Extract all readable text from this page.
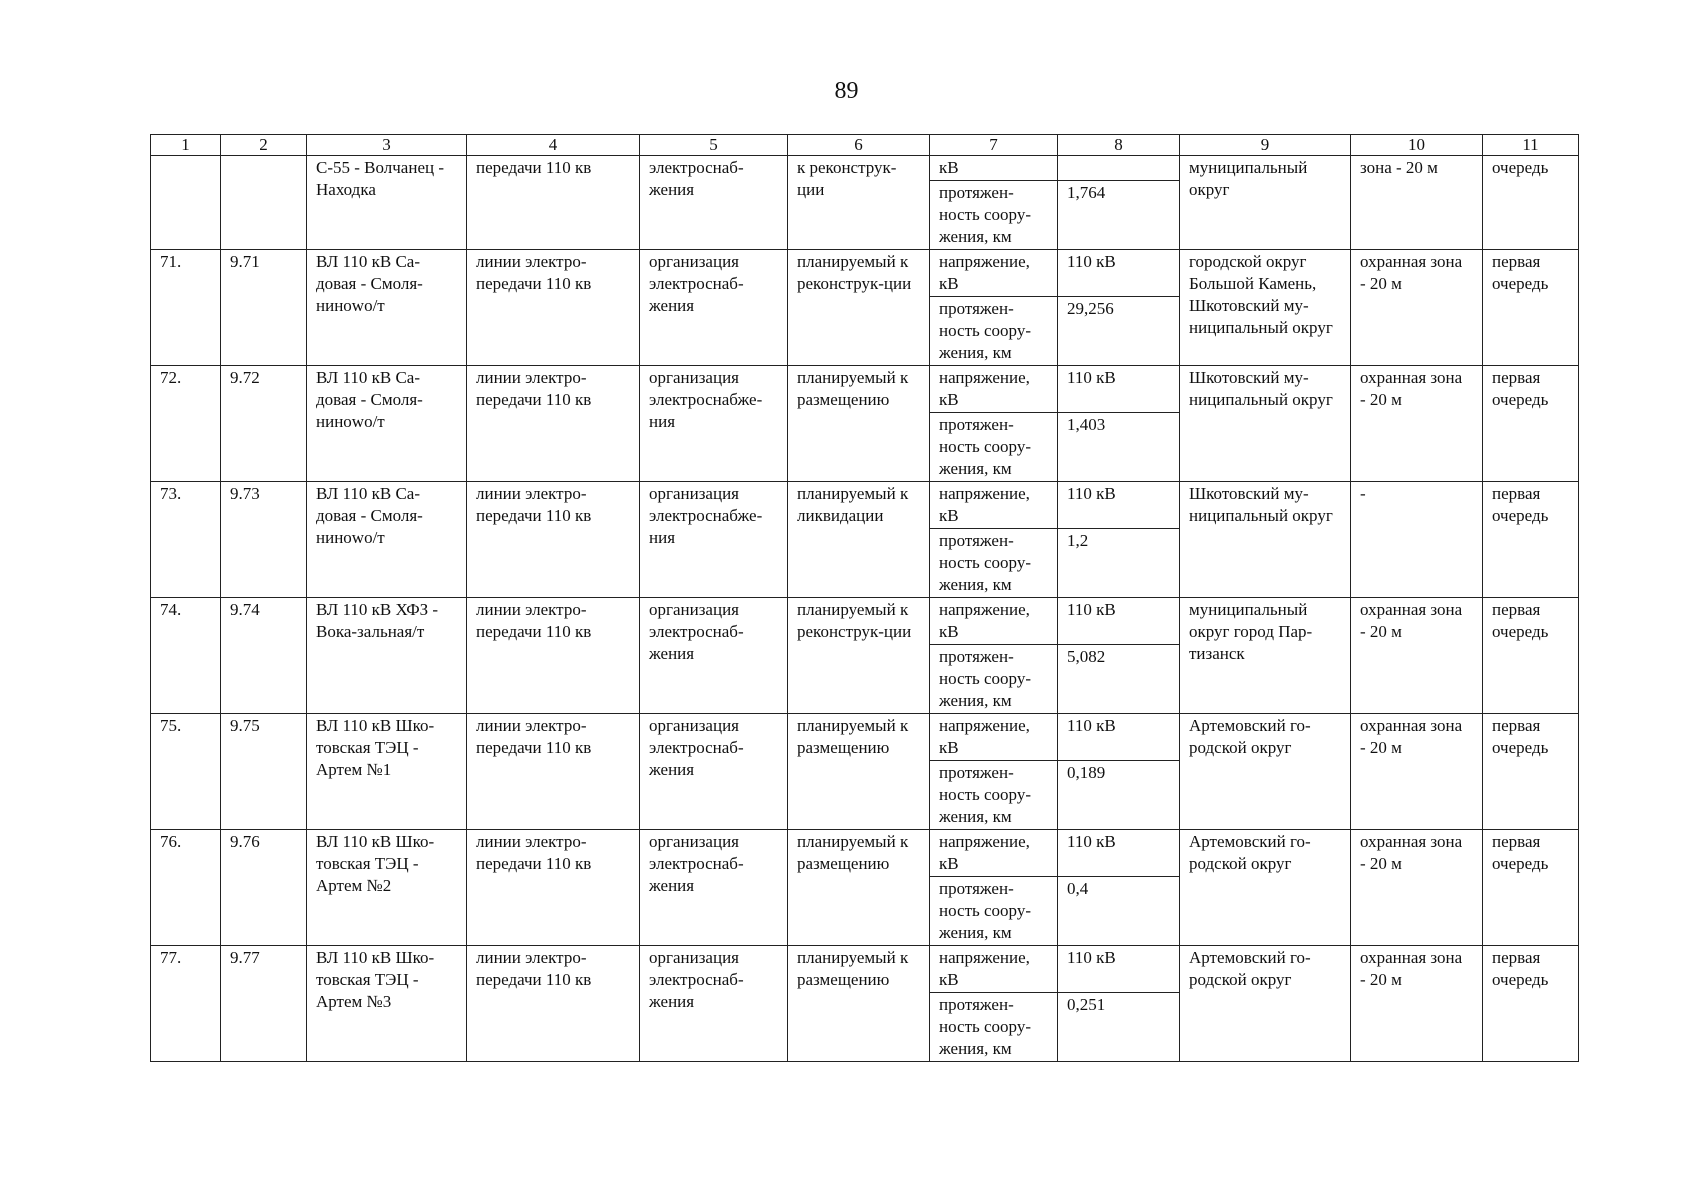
89
1	2	3	4	5	6	7	8	9	10	11
		С-55 - Волчанец - Находка	передачи 110 кв	электроснаб-жения	к реконструк-ции	кВ		муниципальный округ	зона - 20 м	очередь
						протяжен-ность соору-жения, км	1,764			
71.	9.71	ВЛ 110 кВ Са-довая - Смоля-нинowo/т	линии электро-передачи 110 кв	организация электроснаб-жения	планируемый к реконструк-ции	напряжение, кВ	110 кВ	городской округ Большой Камень, Шкотовский му-ниципальный округ	охранная зона - 20 м	первая очередь
						протяжен-ность соору-жения, км	29,256			
72.	9.72	ВЛ 110 кВ Са-довая - Смоля-нинowo/т	линии электро-передачи 110 кв	организация электроснабже-ния	планируемый к размещению	напряжение, кВ	110 кВ	Шкотовский му-ниципальный округ	охранная зона - 20 м	первая очередь
						протяжен-ность соору-жения, км	1,403			
73.	9.73	ВЛ 110 кВ Са-довая - Смоля-нинowo/т	линии электро-передачи 110 кв	организация электроснабже-ния	планируемый к ликвидации	напряжение, кВ	110 кВ	Шкотовский му-ниципальный округ	-	первая очередь
						протяжен-ность соору-жения, км	1,2			
74.	9.74	ВЛ 110 кВ ХФЗ - Вока-зальная/т	линии электро-передачи 110 кв	организация электроснаб-жения	планируемый к реконструк-ции	напряжение, кВ	110 кВ	муниципальный округ город Пар-тизанск	охранная зона - 20 м	первая очередь
						протяжен-ность соору-жения, км	5,082			
75.	9.75	ВЛ 110 кВ Шко-товская ТЭЦ - Артем №1	линии электро-передачи 110 кв	организация электроснаб-жения	планируемый к размещению	напряжение, кВ	110 кВ	Артемовский го-родской округ	охранная зона - 20 м	первая очередь
						протяжен-ность соору-жения, км	0,189			
76.	9.76	ВЛ 110 кВ Шко-товская ТЭЦ - Артем №2	линии электро-передачи 110 кв	организация электроснаб-жения	планируемый к размещению	напряжение, кВ	110 кВ	Артемовский го-родской округ	охранная зона - 20 м	первая очередь
						протяжен-ность соору-жения, км	0,4			
77.	9.77	ВЛ 110 кВ Шко-товская ТЭЦ - Артем №3	линии электро-передачи 110 кв	организация электроснаб-жения	планируемый к размещению	напряжение, кВ	110 кВ	Артемовский го-родской округ	охранная зона - 20 м	первая очередь
						протяжен-ность соору-жения, км	0,251			
